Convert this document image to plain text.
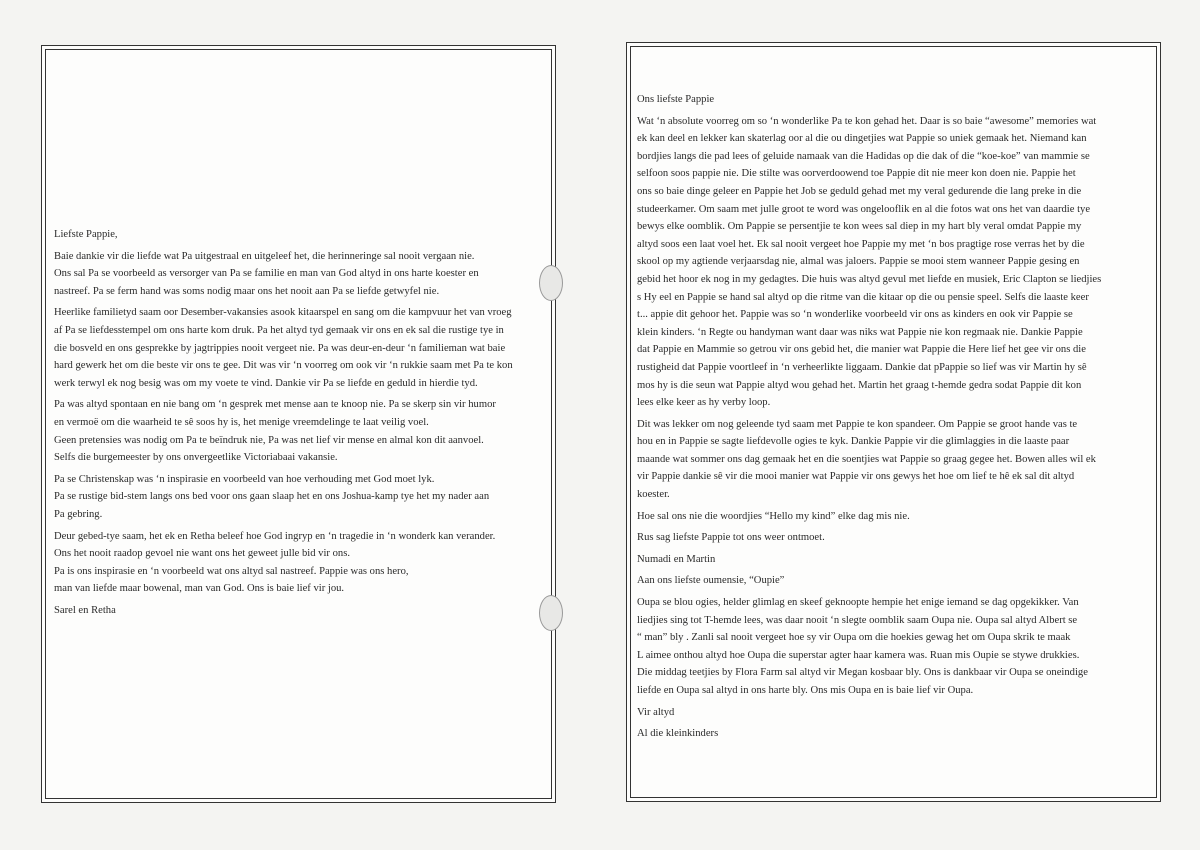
Liefste Pappie,
Baie dankie vir die liefde wat Pa uitgestraal en uitgeleef het, die herinneringe sal nooit vergaan nie.
Ons sal Pa se voorbeeld as versorger van Pa se familie en man van God altyd in ons harte koester en
nastreef. Pa se ferm hand was soms nodig maar ons het nooit aan Pa se liefde getwyfel nie.
Heerlike familietyd saam oor Desember-vakansies asook kitaarspel en sang om die kampvuur het van vroeg
af Pa se liefdesstempel om ons harte kom druk. Pa het altyd tyd gemaak vir ons en ek sal die rustige tye in
die bosveld en ons gesprekke by jagtrippies nooit vergeet nie. Pa was deur-en-deur ‘n familieman wat baie
hard gewerk het om die beste vir ons te gee. Dit was vir ‘n voorreg om ook vir ‘n rukkie saam met Pa te kon
werk terwyl ek nog besig was om my voete te vind. Dankie vir Pa se liefde en geduld in hierdie tyd.
Pa was altyd spontaan en nie bang om ‘n gesprek met mense aan te knoop nie. Pa se skerp sin vir humor
en vermoë om die waarheid te sê soos hy is, het menige vreemdelinge te laat veilig voel.
Geen pretensies was nodig om Pa te beïndruk nie, Pa was net lief vir mense en almal kon dit aanvoel.
Selfs die burgemeester by ons onvergeetlike Victoriabaai vakansie.
Pa se Christenskap was ‘n inspirasie en voorbeeld van hoe verhouding met God moet lyk.
Pa se rustige bid-stem langs ons bed voor ons gaan slaap het en ons Joshua-kamp tye het my nader aan
Pa gebring.
Deur gebed-tye saam, het ek en Retha beleef hoe God ingryp en ‘n tragedie in ‘n wonderk kan verander.
Ons het nooit raadop gevoel nie want ons het geweet julle bid vir ons.
Pa is ons inspirasie en ‘n voorbeeld wat ons altyd sal nastreef. Pappie was ons hero,
man van liefde maar bowenal, man van God. Ons is baie lief vir jou.
Sarel en Retha
Ons liefste Pappie
Wat ‘n absolute voorreg om so ‘n wonderlike Pa te kon gehad het. Daar is so baie “awesome” memories wat
ek kan deel en lekker kan skaterlag oor al die ou dingetjies wat Pappie so uniek gemaak het. Niemand kan
bordjies langs die pad lees of geluide namaak van die Hadidas op die dak of die “koe-koe” van mammie se
selfoon soos pappie nie. Die stilte was oorverdoowend toe Pappie dit nie meer kon doen nie. Pappie het
ons so baie dinge geleer en Pappie het Job se geduld gehad met my veral gedurende die lang preke in die
studeerkamer. Om saam met julle groot te word was ongelooflik en al die fotos wat ons het van daardie tye
bewys elke oomblik. Om Pappie se persentjie te kon wees sal diep in my hart bly veral omdat Pappie my
altyd soos een laat voel het. Ek sal nooit vergeet hoe Pappie my met ‘n bos pragtige rose verras het by die
skool op my agtiende verjaarsdag nie, almal was jaloers. Pappie se mooi stem wanneer Pappie gesing en
gebid het hoor ek nog in my gedagtes. Die huis was altyd gevul met liefde en musiek, Eric Clapton se liedjies
s Hy eel en Pappie se hand sal altyd op die ritme van die kitaar op die ou pensie speel. Selfs die laaste keer
t... appie dit gehoor het. Pappie was so ‘n wonderlike voorbeeld vir ons as kinders en ook vir Pappie se
klein kinders. ‘n Regte ou handyman want daar was niks wat Pappie nie kon regmaak nie. Dankie Pappie
dat Pappie en Mammie so getrou vir ons gebid het, die manier wat Pappie die Here lief het gee vir ons die
rustigheid dat Pappie voortleef in ‘n verheerlikte liggaam. Dankie dat pPappie so lief was vir Martin hy sê
mos hy is die seun wat Pappie altyd wou gehad het. Martin het graag t-hemde gedra sodat Pappie dit kon
lees elke keer as hy verby loop.
Dit was lekker om nog geleende tyd saam met Pappie te kon spandeer. Om Pappie se groot hande vas te
hou en in Pappie se sagte liefdevolle ogies te kyk. Dankie Pappie vir die glimlaggies in die laaste paar
maande wat sommer ons dag gemaak het en die soentjies wat Pappie so graag gegee het. Bowen alles wil ek
vir Pappie dankie sê vir die mooi manier wat Pappie vir ons gewys het hoe om lief te hê ek sal dit altyd
koester.
Hoe sal ons nie die woordjies “Hello my kind” elke dag mis nie.
Rus sag liefste Pappie tot ons weer ontmoet.
Numadi en Martin
Aan ons liefste oumensie, “Oupie”
Oupa se blou ogies, helder glimlag en skeef geknoopte hempie het enige iemand se dag opgekikker. Van
liedjies sing tot T-hemde lees, was daar nooit ‘n slegte oomblik saam Oupa nie. Oupa sal altyd Albert se
“ man” bly . Zanli sal nooit vergeet hoe sy vir Oupa om die hoekies gewag het om Oupa skrik te maak
L aimee onthou altyd hoe Oupa die superstar agter haar kamera was. Ruan mis Oupie se stywe drukkies.
Die middag teetjies by Flora Farm sal altyd vir Megan kosbaar bly. Ons is dankbaar vir Oupa se oneindige
liefde en Oupa sal altyd in ons harte bly. Ons mis Oupa en is baie lief vir Oupa.
Vir altyd
Al die kleinkinders
